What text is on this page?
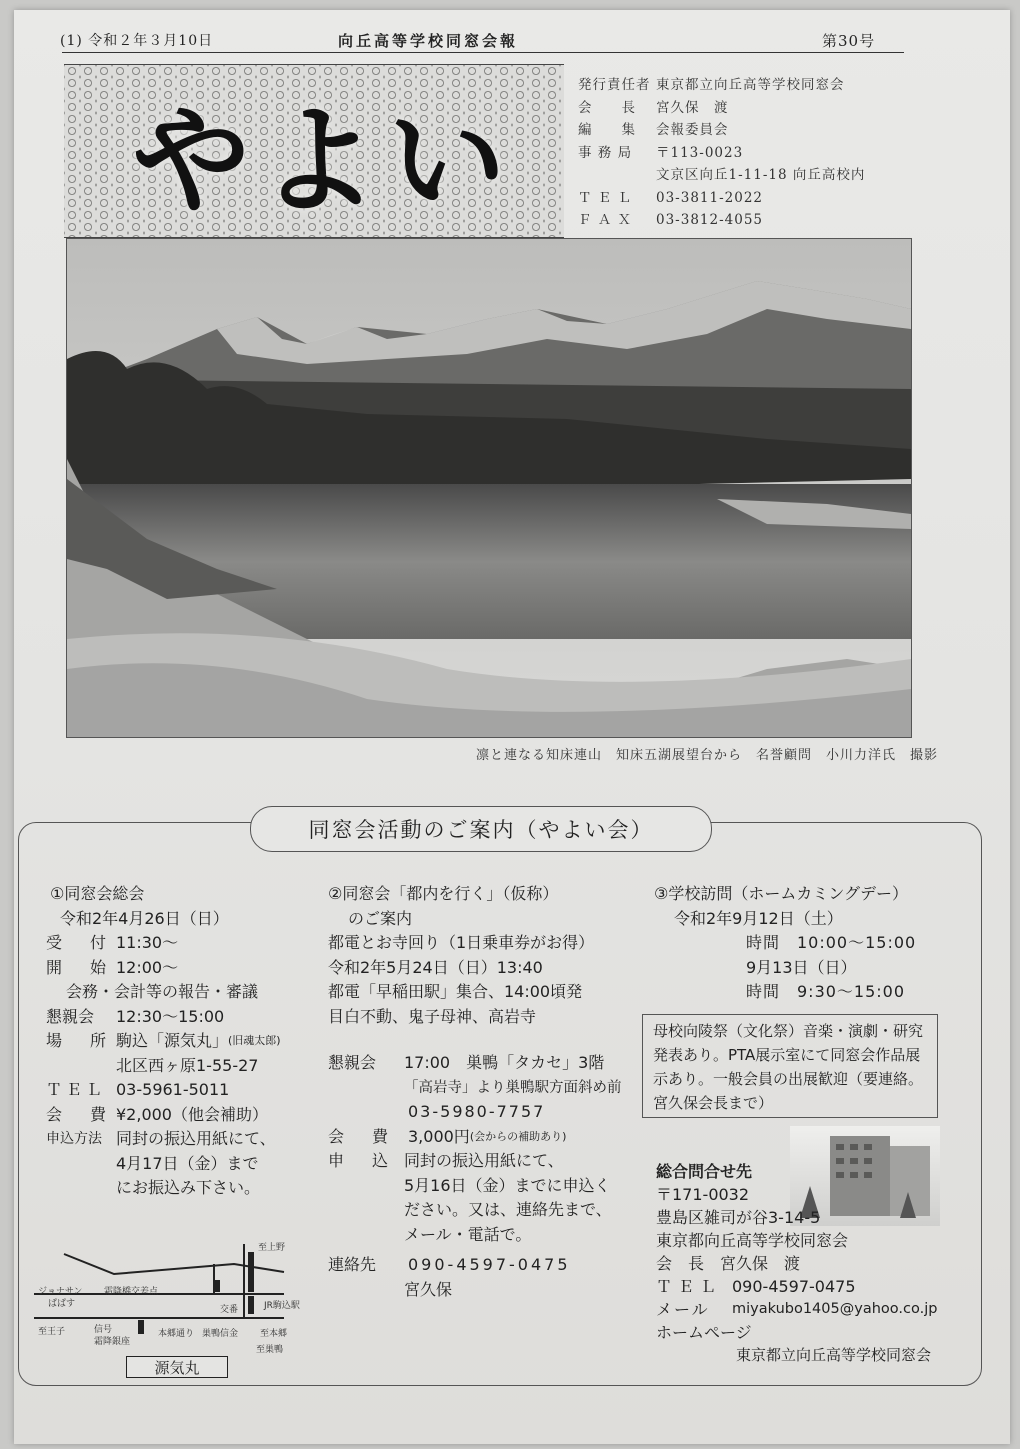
(1) 令和２年３月10日	向丘高等学校同窓会報	第30号
やよい
発行責任者 東京都立向丘高等学校同窓会
会　　長	宮久保　渡
編　　集	会報委員会
事 務 局	〒113-0023
文京区向丘1-11-18 向丘高校内
Ｔ Ｅ Ｌ	03-3811-2022
Ｆ Ａ Ｘ	03-3812-4055
凛と連なる知床連山　知床五湖展望台から　名誉顧問　小川力洋氏　撮影
同窓会活動のご案内（やよい会）
①同窓会総会
令和2年4月26日（日）
受　付 11:30～
開　始 12:00～
会務・会計等の報告・審議
懇親会	12:30～15:00
場　所 駒込「源気丸」 (旧魂太郎)
北区西ヶ原1-55-27
ＴＥＬ 03-5961-5011
会　費 ¥2,000（他会補助）
申込方法 同封の振込用紙にて、
4月17日（金）まで
にお振込み下さい。
ジョナサン
ぱぱす
霜降橋交差点
至上野
交番	JR駒込駅
至王子	信号
霜降銀座
本郷通り 巣鴨信金 至本郷
至巣鴨
源気丸
②同窓会「都内を行く」（仮称）
のご案内
都電とお寺回り（1日乗車券がお得）
令和2年5月24日（日）13:40
都電「早稲田駅」集合、14:00頃発
目白不動、鬼子母神、高岩寺
懇親会	17:00　巣鴨「タカセ」3階
「高岩寺」より巣鴨駅方面斜め前
03-5980-7757
会　費 3,000円 (会からの補助あり)
申　込 同封の振込用紙にて、
5月16日（金）までに申込く
ださい。又は、連絡先まで、
メール・電話で。
連絡先	090-4597-0475
宮久保
③学校訪問（ホームカミングデー）
令和2年9月12日（土）
時間　10:00～15:00
9月13日（日）
時間　9:30～15:00
母校向陵祭（文化祭）音楽・演劇・研究発表あり。PTA展示室にて同窓会作品展示あり。一般会員の出展歓迎（要連絡。宮久保会長まで）
総合問合せ先
〒171-0032
豊島区雑司が谷3-14-5
東京都向丘高等学校同窓会
会　長　宮久保　渡
ＴＥＬ 090-4597-0475
メール	miyakubo1405@yahoo.co.jp
ホームページ
東京都立向丘高等学校同窓会
